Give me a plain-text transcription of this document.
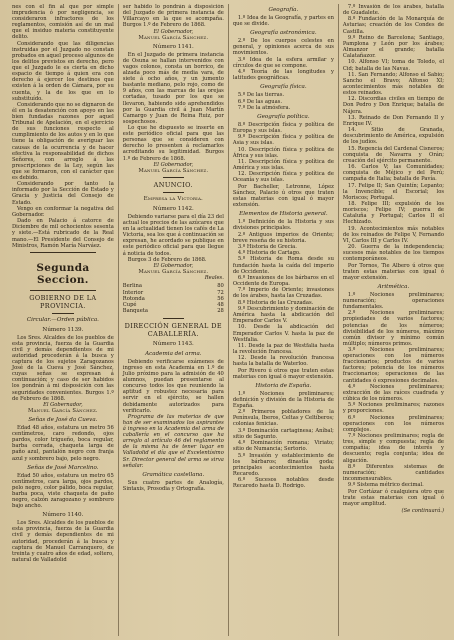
nes con el fin al que por simple imprudencia ó por negligencia, se consideraron infractores de los reglamentos, comisión así de un mal que el insiduo materia constituyente delito.

Considerando que las diligencias instruidas por el Juzgado no constan probados en aquel proceso algunos de los delitos previstos en derecho, pero que el Juzgado le es cierta en dicho espacio de tiempo á quien era con derecho á ejercer los destinos que existen á la orden de Cámara, por su cuenta, y la de los que en lo substituído.

Considerando que no se dignaron de él en la desatención con apoyo en las bien fundadas razones por aquel Tribunal de Apelación, en el ejercicio de sus funciones respecto al cumplimiento de los autos y en lo que tiene la obligación de averiguar las causas de la ocurrencia y de hacer efectiva la responsabilidad de dichos Señores, con arreglo á las prescripciones de la Ley, según las que se formaron, con el carácter que es debido.

Considerando por tanto la informado por la Sección de Estado y Gracia y Justicia del Consejo de Estado.

Vengo en conformar la negativa del Gobernador.

Dado en Palacio á catorce de Diciembre de mil ochocientos sesenta y siete.—Está rubricado de la Real mano.—El Presidente del Consejo de Ministros, Ramón María Narváez.

Segunda Seccion.
GOBIERNO DE LA PROVINCIA.
Circular.—Orden pública.
Número 1139.

Los Sres. Alcaldes de los pueblos de esta provincia, fuerza de la Guardia civil y demás dependientes de mi autoridad procederán á la busca y captura de los sujetos Zaragozanos José de la Cueva y José Sánchez, cuyas señas se expresan á continuación; y caso de ser habidos los pondrán á mi disposición con las seguridades convenientes. Burgos 1.º de Febrero de 1868.

El Gobernador,
Manuel García Sánchez.
Señas de José da Cueva.

Edad 48 años, estatura un metro 56 centímetros, caro redondo, ojos pardos, color trigueño, boca regular, barba cerrada, chaqueta larga de paño azul, pantalón negro con franja azul y sombrero bajo, pelo negro.

Señas de José Marcelino.

Edad 50 años, estatura un metro 65 centímetros, cara larga, ojos pardos, pelo negro, color pálido, boca regular, barba poca, viste chaqueta de paño negro, calzón zaragozano y sombrero bajo ancho.

Número 1140.

Los Sres. Alcaldes de los pueblos de esta provincia, fuerza de la Guardia civil y demás dependientes de mi autoridad, procederán á la busca y captura de Manuel Carranquero, de treinta y cuatro años de edad, soltero, natural de Valladolid

ser habido lo pondrán á disposición del Juzgado de primera instancia de Villarcayo en la que se acompaña. Burgos 1.º de Febrero de 1868.

El Gobernador,
Manuel García Sánchez.
Número 1141.

En el Juzgado de primera instancia de Osuna se hallan intervenidos con vagos colonos, consta un borrico, de alzada poco más de media vara, de siete á ocho años, y un jumento bastante mediano, pelo rojo, como de 9 años, con las marcas de las orejas cortadas, tusado por los que se llevaron, habiendo sido aprehendidos por la Guardia civil á Juan Martín Camargo y Juan de Reina Ruiz, por sospechosos.

Lo que he dispuesto se inserte en este periódico oficial para que las personas que se consideren con derecho lo presenten á reclamarlos acreditando su legitimidad. Burgos 1.º de Febrero de 1868.

El Gobernador,
Manuel García Sánchez.
ANUNCIO.
Empresa la Victoria.
Número 1142.

Debiendo variarse para el día 23 del actual los precios de las azúcares que en la actualidad tienen los cafés de La Victoria, sea los que á continuación se expresan, he acordado se publique en este periódico oficial para que llegue á noticia de todos.

Burgos 3 de Febrero de 1868.

El Gobernador,
Manuel García Sánchez.
Reales.
Berlina	80
Interior	72
Rotonda	56
Cupé	48
Banqueta	28
DIRECCIÓN GENERAL DE CABALLERÍA.
Número 1143.
Academia del arma.

Debiendo verificarse exámenes de ingreso en esta Academia en 1.º de Julio próximo para la admisión de 40 alumnos, puedan presentarse al concurso todos los que reuniendo la aptitud y robustez necesaria para servir en el ejército, se hallen debidamente autorizados para verificarlo.

Programa de las materias de que han de ser examinados los aspirantes á ingreso en la Academia del arma de caballería en el concurso que ha arreglo al artículo 46 del reglamento de la misma ha de tener lugar en Valladolid el día que el Excelentísimo Sr. Director general del arma se sirva señalar.

Gramática castellana.

Sus cuatro partes de Analogía, Sintaxis, Prosodia y Ortografía.

Geografía.

1.º Idea de la Geografía, y partes en que se divide.

Geografía astronómica.

2.º De los cuerpos celestes en general, y opiniones acerca de sus movimientos.

3.º Idea de la esfera armilar y círculos de que se compone.

4.º Teoría de las longitudes y latitudes geográficas.

Geografía física.

5.º De las tierras.

6.º De las aguas.

7.º De la atmósfera.

Geografía política.

8.º Descripción física y política de Europa y sus islas.

9.º Descripción física y política de Asia y sus islas.

10. Descripción física y política de África y sus islas.

11. Descripción física y política de América y sus islas.

12. Descripción física y política de Oceanía y sus islas.

Por Bacheller, Letronne, López Sánchez, Palacio ú otros que traten estas materias con igual ó mayor extensión.

Elementos de Historia general.

1.º Definición de la Historia y sus divisiones principales.

2.º Antiguos imperios de Oriente; breve reseña de su historia.

3.º Historia de Grecia.

4.º Historia de Cartago.

5.º Historia de Roma desde su fundación hasta la caída del imperio de Occidente.

6.º Invasiones de los bárbaros en el Occidente de Europa.

7.º Imperio de Oriente; invasiones de los árabes, hasta las Cruzadas.

8.º Historia de las Cruzadas.

9.º Descubrimiento y dominación de América hasta la abdicación del Emperador Carlos V.

10. Desde la abdicación del Emperador Carlos V. hasta la paz de Westfalia.

11. Desde la paz de Westfalia hasta la revolución francesa.

12. Desde la revolución francesa hasta la batalla de Waterloo.

Por Rivero ú otros que traten estas materias con igual ó mayor extensión.

Historia de España.

1.º Nociones preliminares; definición y división de la Historia de España.

2.º Primeros pobladores de la Península, Iberos, Celtas y Celtíberos; colonias fenicias.

3.º Dominación cartaginesa; Aníbal; sitio de Sagunto.

4.º Dominación romana; Viriato; sitio de Numancia; Sertorio.

5.º Invasión y establecimiento de los bárbaros; dinastía goda; principales acontecimientos hasta Recaredo.

6.º Sucesos notables desde Recaredo hasta D. Rodrigo.

7.º Invasión de los árabes, batalla de Guadalete.

8.º Fundación de la Monarquía de Asturias; creación de los Condes de Castilla.

9.º Reino de Barcelona; Santiago, Pamplona y León por los árabes; Almanzor el grande; batalla Calatañazor.

10. Alfonso VI; toma de Toledo, el Cid; batalla de las Navas.

11. San Fernando; Alfonso el Sabio; Sancho el Bravo; Alfonso XI; acontecimientos más notables de estos reinados.

12. Discordias civiles en tiempo de Don Pedro y Don Enrique; batalla de Nájera.

13. Reinado de Don Fernando II y Enrique IV.

14. Sitio de Granada, descubrimiento de América, expulsión de los judíos.

15. Regencia del Cardenal Cisneros; conquista de Navarra y Orán; creación del ejército permanente.

16. Carlos V; las Comunidades; conquista de Méjico y del Perú; campaña de Italia; batalla de Pavía.

17. Felipe II; San Quintín; Lepanto; la Invencible; el Escorial; los Moriscos; Portugal.

18. Felipe III; expulsión de los moriscos; Felipe IV; guerra de Cataluña y Portugal; Carlos II el Hechizado.

19. Acontecimientos más notables de los reinados de Felipe V, Fernando VI, Carlos III y Carlos IV.

20. Guerra de la independencia; sucesos más notables de los tiempos contemporáneos.

Por Tornos, Tie Albero ú otros que traten estas materias con igual ó mayor extensión.

Aritmética.

1.º Nociones preliminares; numeración; operaciones fundamentales.

2.º Nociones preliminares; propiedades de varios factores; potencias de los números; divisibilidad de los números, máximo común divisor y mínimo común múltiplo; números primos.

3.º Nociones preliminares; operaciones con los números fraccionarios; productos de varios factores; potencia de los números fraccionarios; operaciones de las cantidades ó expresiones decimales.

4.º Nociones preliminares; extracción de las raíces cuadrada y cúbica de los números.

5.º Nociones preliminares; razones y proporciones.

6.º Nociones preliminares; operaciones con los números complejos.

7.º Nociones preliminares; regla de tres, simple y compuesta; regla de compañía; idea de interés y descuento; regla conjunta; idea de aligación.

8.º Diferentes sistemas de numeración; cantidades inconmensurables.

9.º Sistema métrico decimal.

Por Cortázar ó cualquiera otro que trate estas materias con igual ó mayor amplitud.

(Se continuará.)
